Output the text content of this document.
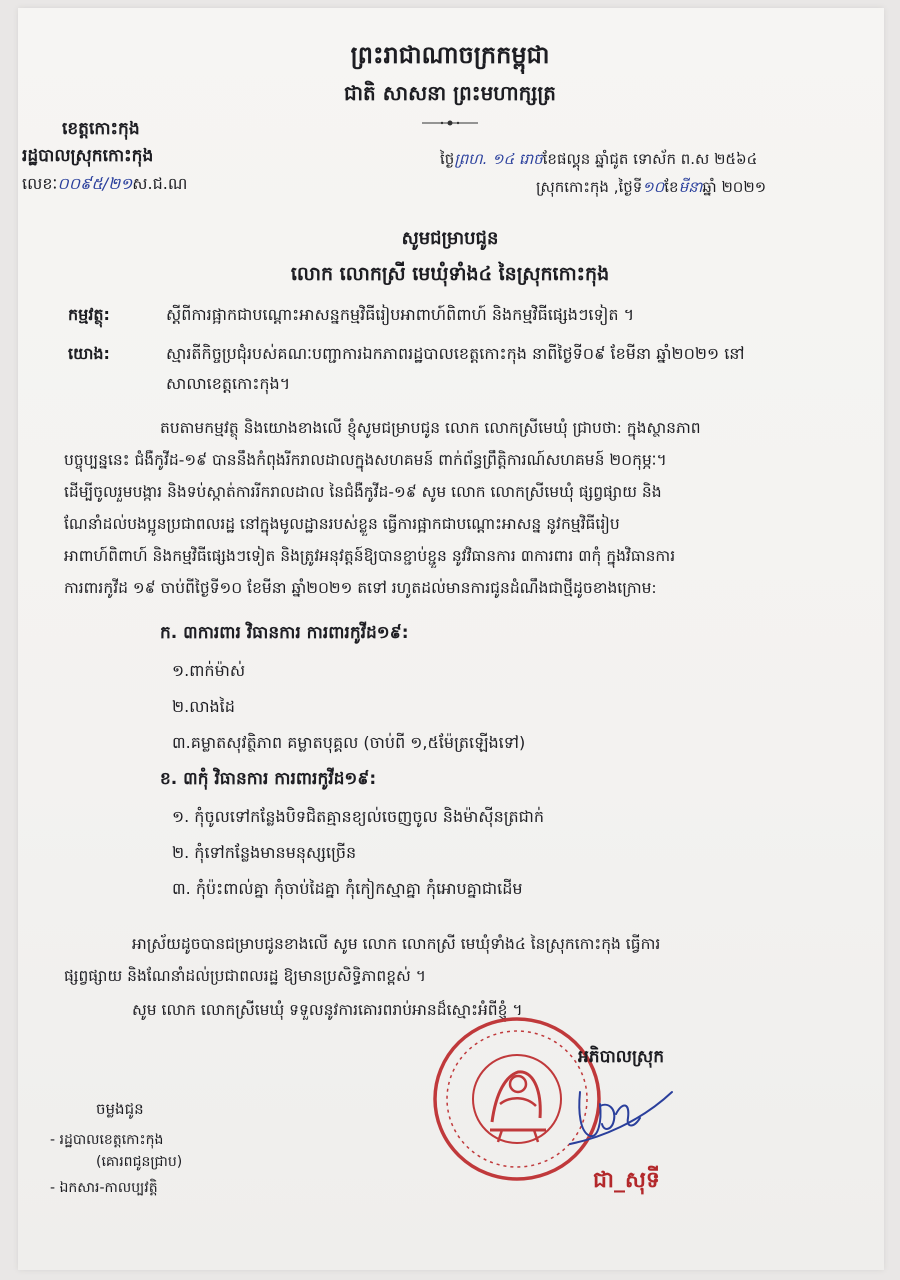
ព្រះរាជាណាចក្រកម្ពុជា
ជាតិ សាសនា ព្រះមហាក្សត្រ
ខេត្តកោះកុង
រដ្ឋបាលស្រុកកោះកុង
លេខៈ០០៩៥/២១ស.ជ.ណ
ថ្ងៃព្រហ. ១៤ រោចខែផល្គុន ឆ្នាំជូត ទោស័ក ព.ស ២៥៦៤
ស្រុកកោះកុង ,ថ្ងៃទី១០ខែមីនាឆ្នាំ ២០២១
សូមជម្រាបជូន
លោក លោកស្រី មេឃុំទាំង៤ នៃស្រុកកោះកុង
កម្មវត្ថុ:	ស្តីពីការផ្អាកជាបណ្ដោះអាសន្នកម្មវិធីរៀបអាពាហ៍ពិពាហ៍ និងកម្មវិធីផ្សេងៗទៀត ។
យោង:	ស្មារតីកិច្ចប្រជុំរបស់គណៈបញ្ជាការឯកភាពរដ្ឋបាលខេត្តកោះកុង នាពីថ្ងៃទី០៩ ខែមីនា ឆ្នាំ២០២១ នៅ
សាលាខេត្តកោះកុង។
តបតាមកម្មវត្ថុ និងយោងខាងលើ ខ្ញុំសូមជម្រាបជូន លោក លោកស្រីមេឃុំ ជ្រាបថា: ក្នុងស្ថានភាព
បច្ចុប្បន្ននេះ ជំងឺកូវីដ-១៩ បាននឹងកំពុងរីករាលដាលក្នុងសហគមន៍ ពាក់ព័ន្ធព្រឹត្តិការណ៍សហគមន៍ ២០កុម្ភៈ។
ដើម្បីចូលរួមបង្ការ និងទប់ស្កាត់ការរីករាលដាល នៃជំងឺកូវីដ-១៩ សូម លោក លោកស្រីមេឃុំ ផ្សព្វផ្សាយ និង
ណែនាំដល់បងប្អូនប្រជាពលរដ្ឋ នៅក្នុងមូលដ្ឋានរបស់ខ្លួន ធ្វើការផ្អាកជាបណ្ដោះអាសន្ន នូវកម្មវិធីរៀប
អាពាហ៍ពិពាហ៍ និងកម្មវិធីផ្សេងៗទៀត និងត្រូវអនុវត្តន៍ឱ្យបានខ្ជាប់ខ្ជួន នូវវិធានការ ៣ការពារ ៣កុំ ក្នុងវិធានការ
ការពារកូវីដ ១៩ ចាប់ពីថ្ងៃទី១០ ខែមីនា ឆ្នាំ២០២១ តទៅ រហូតដល់មានការជូនដំណឹងជាថ្មីដូចខាងក្រោម:
ក. ៣ការពារ វិធានការ ការពារកូវីដ១៩:
១.ពាក់ម៉ាស់
២.លាងដៃ
៣.គម្លាតសុវត្ថិភាព គម្លាតបុគ្គល (ចាប់ពី ១,៥ម៉ែត្រឡើងទៅ)
ខ. ៣កុំ វិធានការ ការពារកូវីដ១៩:
១. កុំចូលទៅកន្លែងបិទជិតគ្មានខ្យល់ចេញចូល និងម៉ាស៊ីនត្រជាក់
២. កុំទៅកន្លែងមានមនុស្សច្រើន
៣. កុំប៉ះពាល់គ្នា កុំចាប់ដៃគ្នា កុំកៀកស្មាគ្នា កុំអោបគ្នាជាដើម
អាស្រ័យដូចបានជម្រាបជូនខាងលើ សូម លោក លោកស្រី មេឃុំទាំង៤ នៃស្រុកកោះកុង ធ្វើការ
ផ្សព្វផ្សាយ និងណែនាំដល់ប្រជាពលរដ្ឋ ឱ្យមានប្រសិទ្ធិភាពខ្ពស់ ។
សូម លោក លោកស្រីមេឃុំ ទទួលនូវការគោរពរាប់អានដ៏ស្មោះអំពីខ្ញុំ ។
អភិបាលស្រុក
ជា_សុទី
ចម្លងជូន
- រដ្ឋបាលខេត្តកោះកុង
(គោរពជូនជ្រាប)
- ឯកសារ-កាលប្បវត្តិ
